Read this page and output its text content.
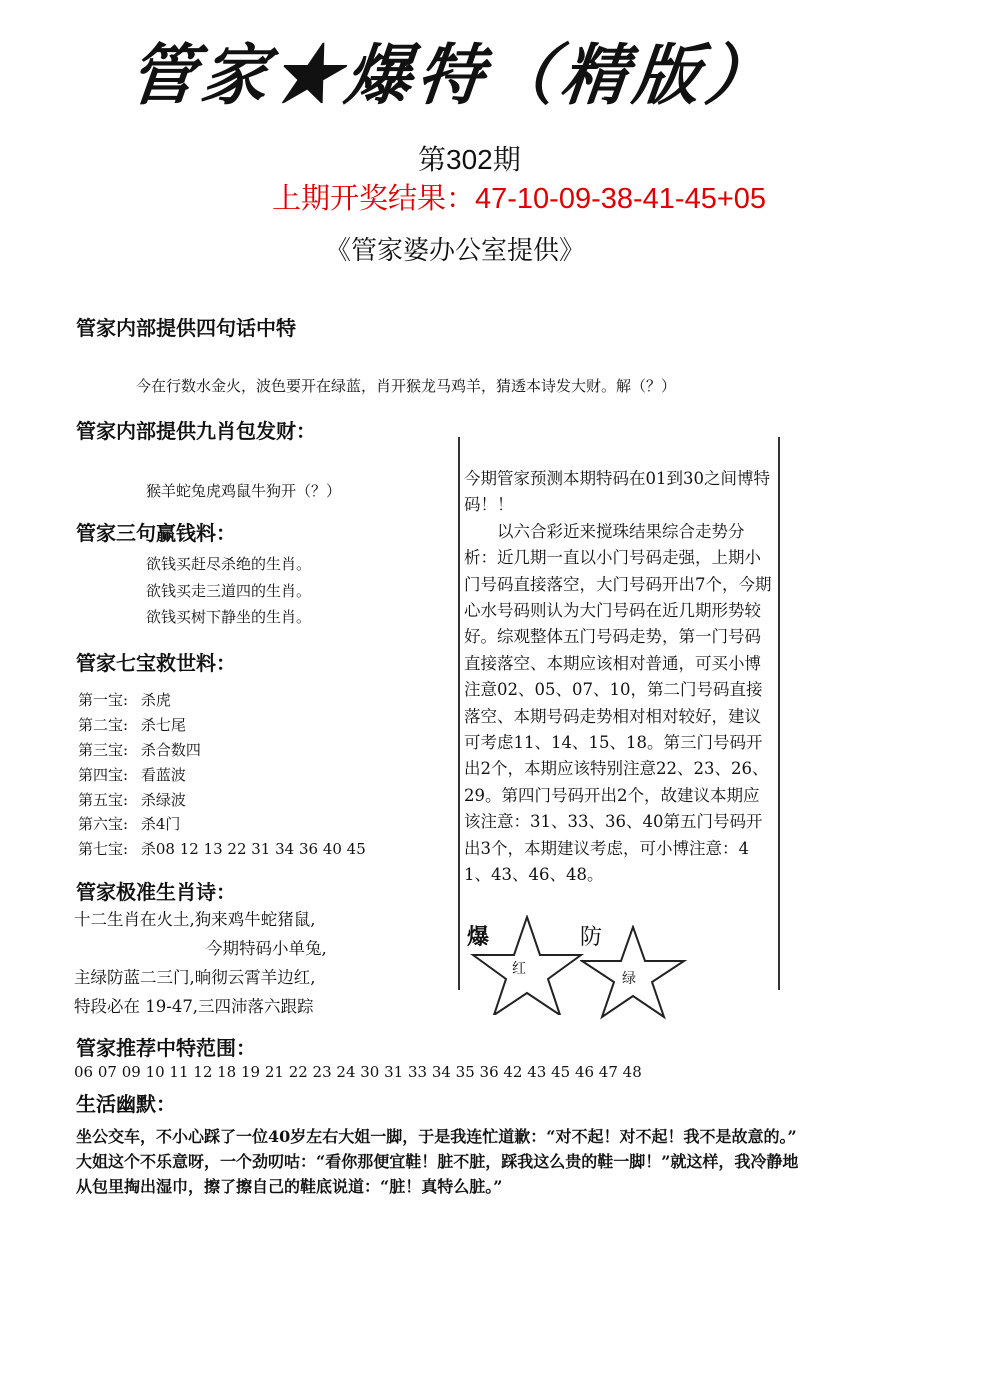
管家★爆特（精版）
第302期
上期开奖结果：47-10-09-38-41-45+05
《管家婆办公室提供》
管家内部提供四句话中特
今在行数水金火，波色要开在绿蓝，肖开猴龙马鸡羊，猜透本诗发大财。解（？）
管家内部提供九肖包发财：
猴羊蛇兔虎鸡鼠牛狗开（？）
管家三句赢钱料：
欲钱买赶尽杀绝的生肖。
欲钱买走三道四的生肖。
欲钱买树下静坐的生肖。
管家七宝救世料：
第一宝: 杀虎
第二宝: 杀七尾
第三宝: 杀合数四
第四宝: 看蓝波
第五宝: 杀绿波
第六宝: 杀4门
第七宝: 杀08 12 13 22 31 34 36 40 45
管家极准生肖诗：
十二生肖在火土,狗来鸡牛蛇猪鼠,
今期特码小单兔,
主绿防蓝二三门,晌彻云霄羊边红,
特段必在 19-47,三四沛落六跟踪

今期管家预测本期特码在01到30之间博特码！！

以六合彩近来搅珠结果综合走势分析：近几期一直以小门号码走强，上期小门号码直接落空，大门号码开出7个，今期心水号码则认为大门号码在近几期形势较好。综观整体五门号码走势，第一门号码直接落空、本期应该相对普通，可买小博注意02、05、07、10，第二门号码直接落空、本期号码走势相对相对较好，建议可考虑11、14、15、18。第三门号码开出2个，本期应该特别注意22、23、26、29。第四门号码开出2个，故建议本期应该注意：31、33、36、40第五门号码开出3个，本期建议考虑，可小博注意：41、43、46、48。

爆	防
红
绿
管家推荐中特范围：
06 07 09 10 11 12 18 19 21 22 23 24 30 31 33 34 35 36 42 43 45 46 47 48
生活幽默：
坐公交车，不小心踩了一位40岁左右大姐一脚，于是我连忙道歉：“对不起！对不起！我不是故意的。”
大姐这个不乐意呀，一个劲叨咕：“看你那便宜鞋！脏不脏，踩我这么贵的鞋一脚！”就这样，我冷静地
从包里掏出湿巾，擦了擦自己的鞋底说道：“脏！真特么脏。”
